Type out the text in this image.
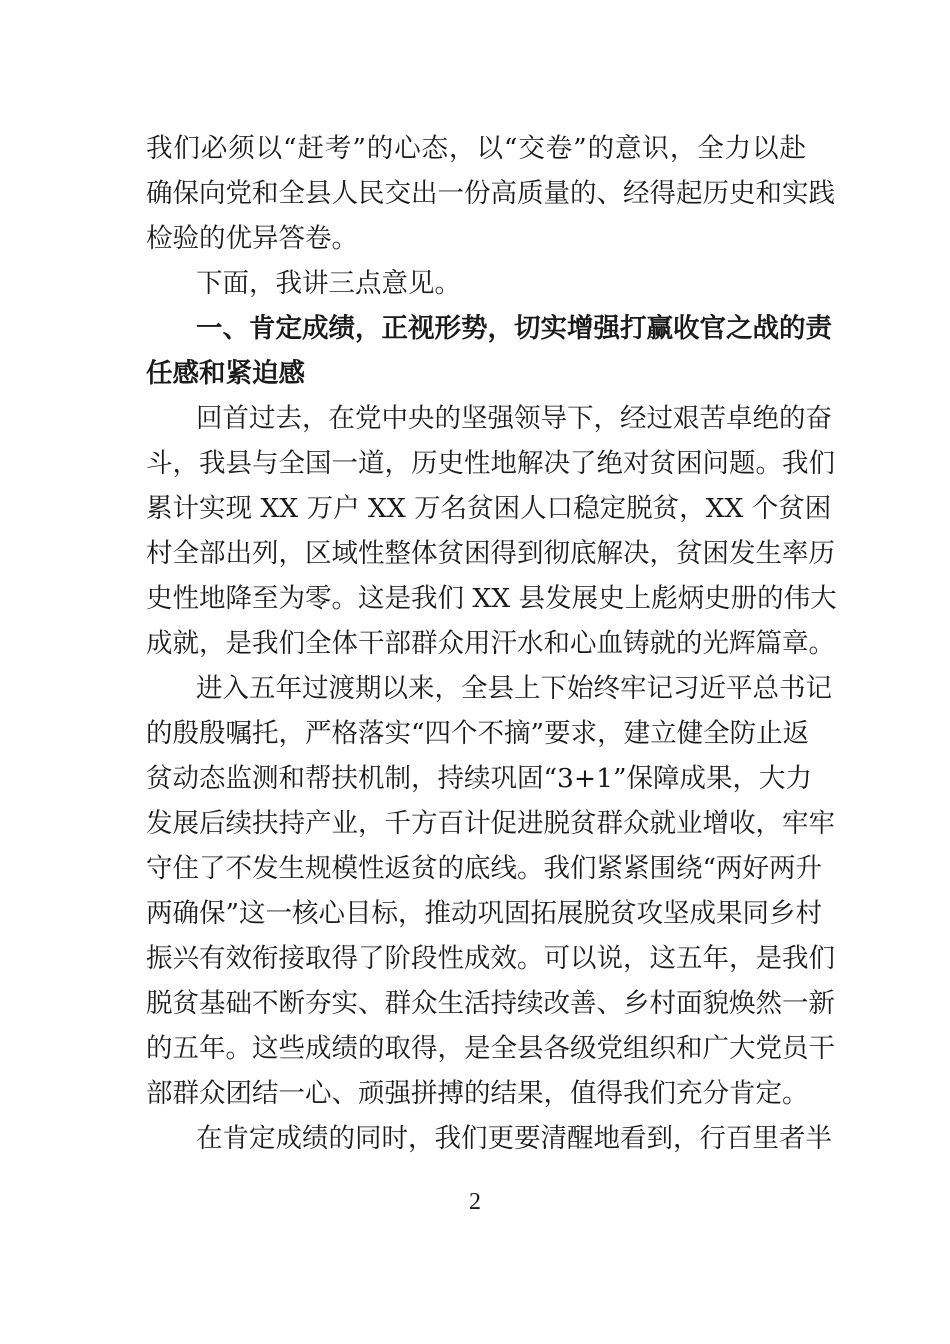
我们必须以“赶考”的心态，以“交卷”的意识，全力以赴
确保向党和全县人民交出一份高质量的、经得起历史和实践
检验的优异答卷。
下面，我讲三点意见。
一、肯定成绩，正视形势，切实增强打赢收官之战的责
任感和紧迫感
回首过去，在党中央的坚强领导下，经过艰苦卓绝的奋
斗，我县与全国一道，历史性地解决了绝对贫困问题。我们
累计实现 XX 万户 XX 万名贫困人口稳定脱贫，XX 个贫困
村全部出列，区域性整体贫困得到彻底解决，贫困发生率历
史性地降至为零。这是我们 XX 县发展史上彪炳史册的伟大
成就，是我们全体干部群众用汗水和心血铸就的光辉篇章。
进入五年过渡期以来，全县上下始终牢记习近平总书记
的殷殷嘱托，严格落实“四个不摘”要求，建立健全防止返
贫动态监测和帮扶机制，持续巩固“3+1”保障成果，大力
发展后续扶持产业，千方百计促进脱贫群众就业增收，牢牢
守住了不发生规模性返贫的底线。我们紧紧围绕“两好两升
两确保”这一核心目标，推动巩固拓展脱贫攻坚成果同乡村
振兴有效衔接取得了阶段性成效。可以说，这五年，是我们
脱贫基础不断夯实、群众生活持续改善、乡村面貌焕然一新
的五年。这些成绩的取得，是全县各级党组织和广大党员干
部群众团结一心、顽强拼搏的结果，值得我们充分肯定。
在肯定成绩的同时，我们更要清醒地看到，行百里者半
2
